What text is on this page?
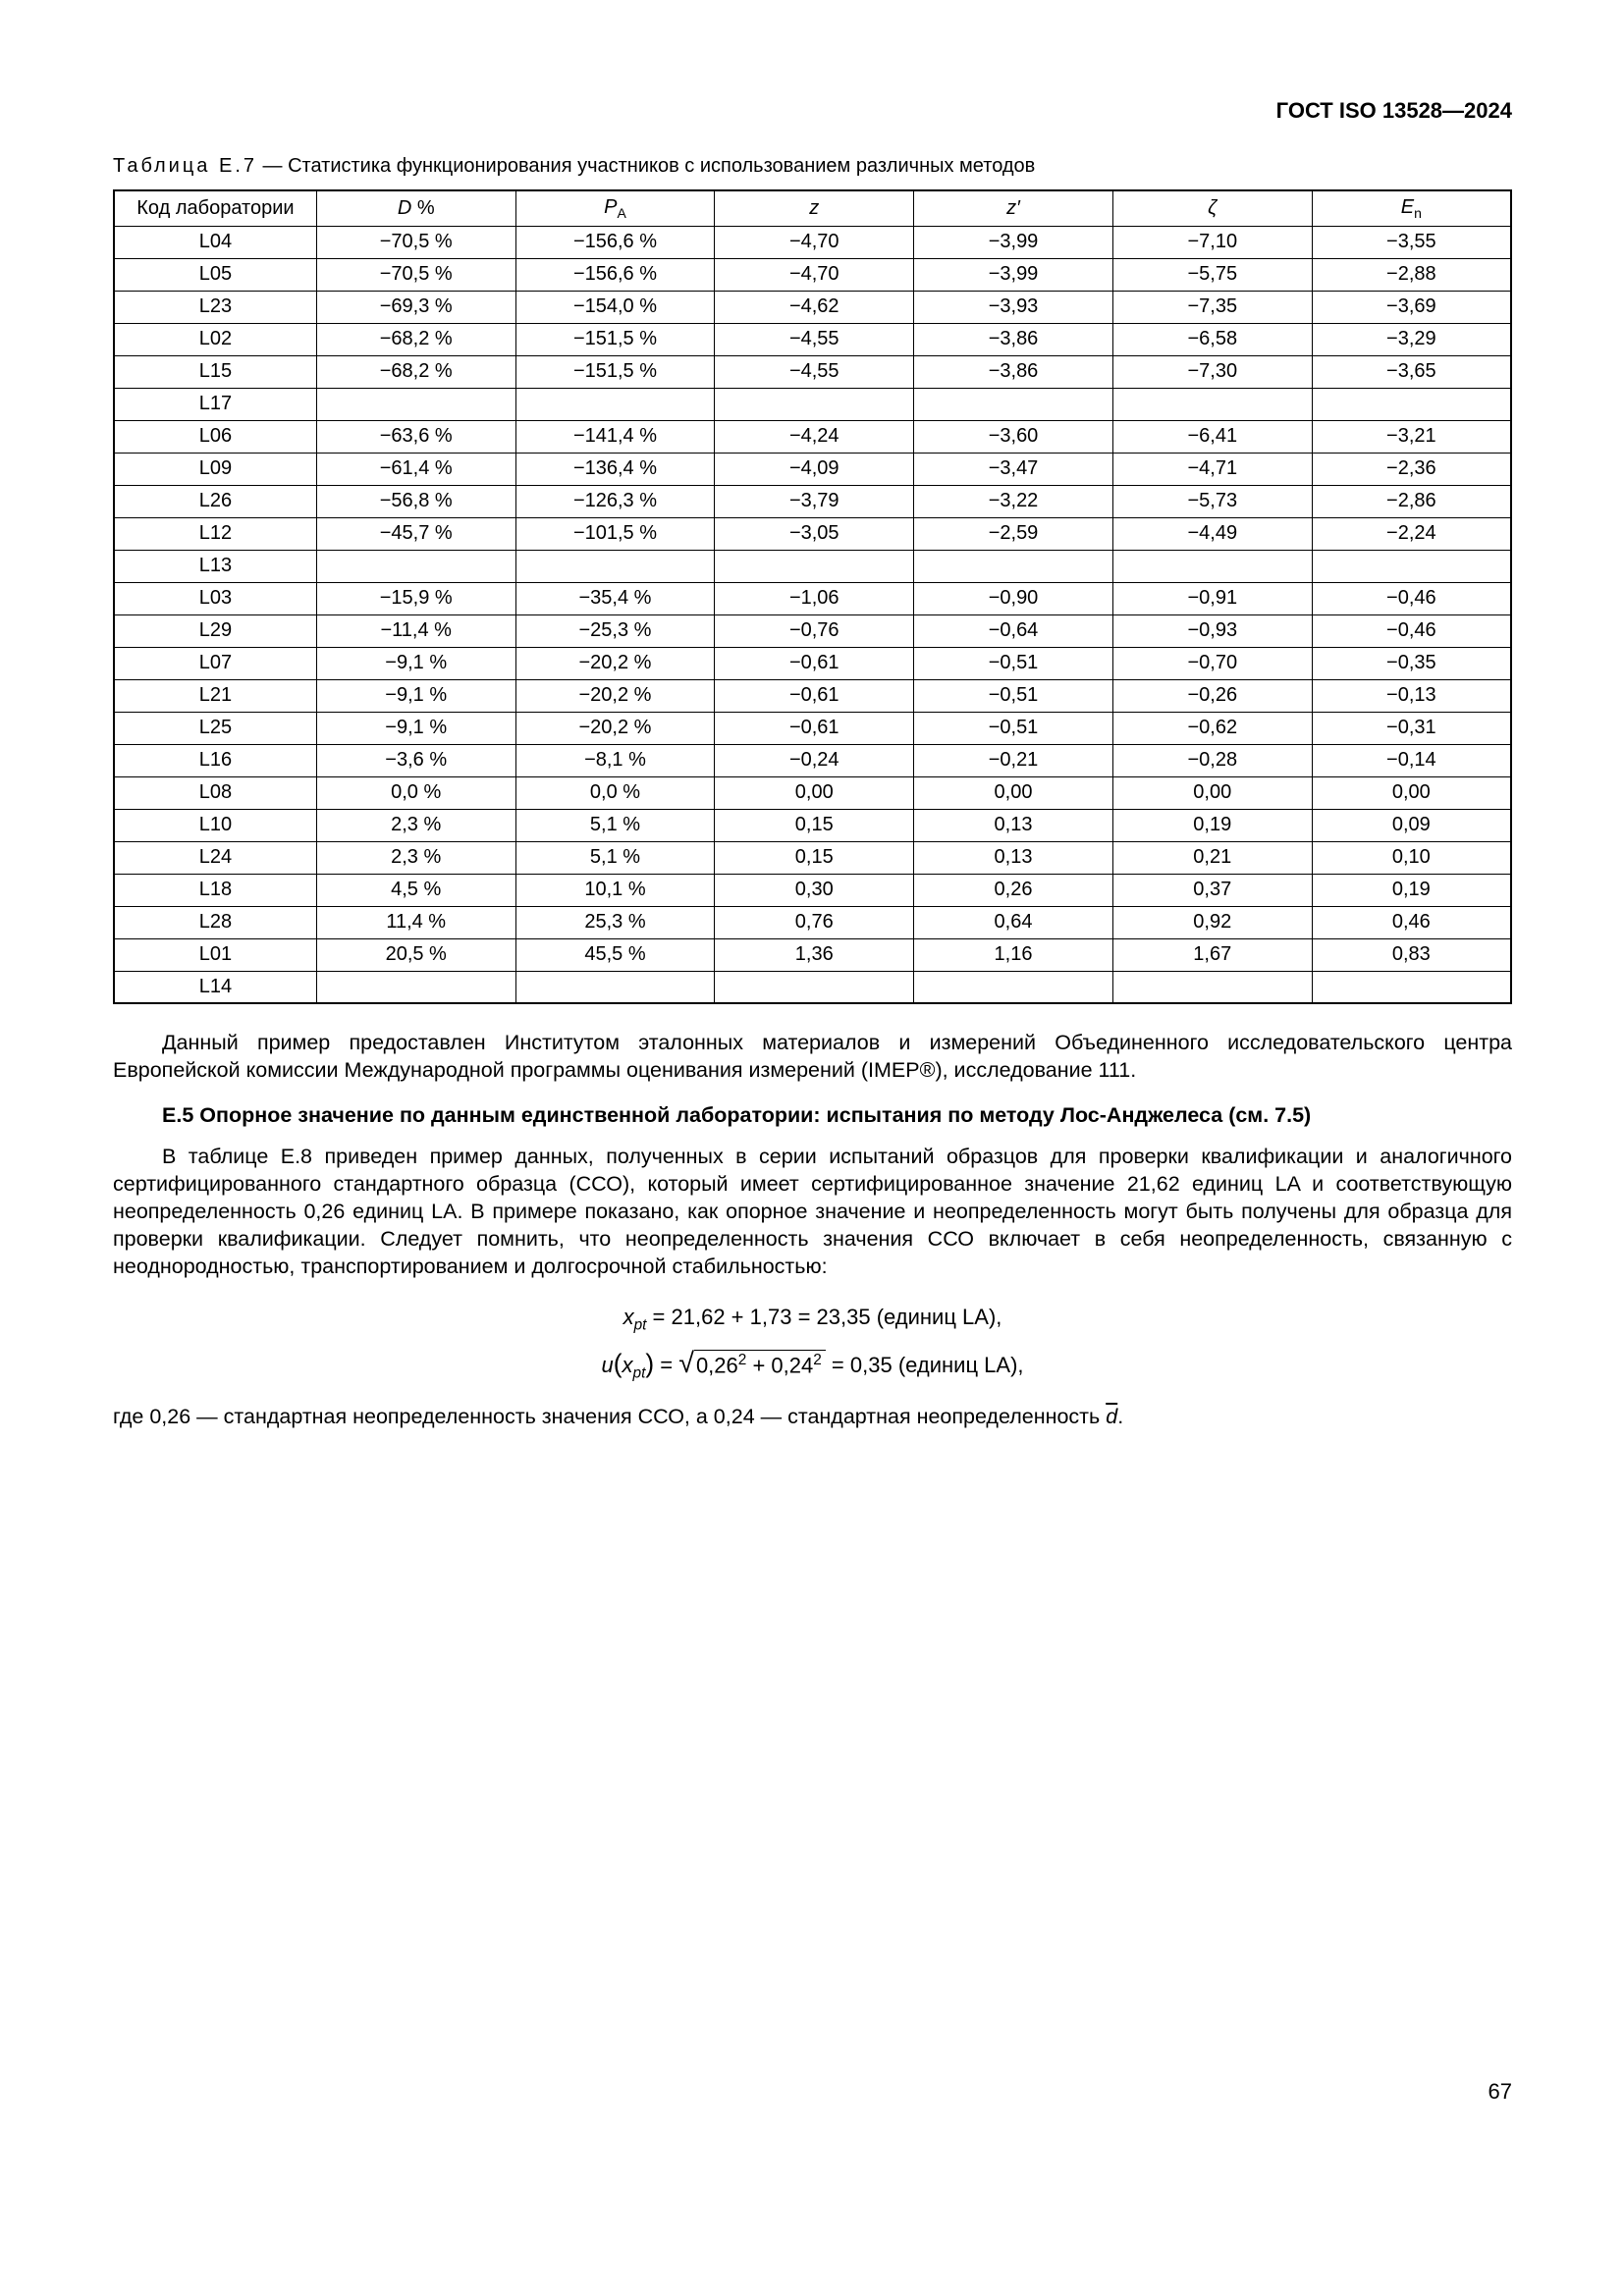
ГОСТ ISO 13528—2024
Таблица Е.7 — Статистика функционирования участников с использованием различных методов
Код лаборатории	D %	$P_A$	z	z′	ζ	$E_n$
L04	−70,5 %	−156,6 %	−4,70	−3,99	−7,10	−3,55
L05	−70,5 %	−156,6 %	−4,70	−3,99	−5,75	−2,88
L23	−69,3 %	−154,0 %	−4,62	−3,93	−7,35	−3,69
L02	−68,2 %	−151,5 %	−4,55	−3,86	−6,58	−3,29
L15	−68,2 %	−151,5 %	−4,55	−3,86	−7,30	−3,65
L17						
L06	−63,6 %	−141,4 %	−4,24	−3,60	−6,41	−3,21
L09	−61,4 %	−136,4 %	−4,09	−3,47	−4,71	−2,36
L26	−56,8 %	−126,3 %	−3,79	−3,22	−5,73	−2,86
L12	−45,7 %	−101,5 %	−3,05	−2,59	−4,49	−2,24
L13						
L03	−15,9 %	−35,4 %	−1,06	−0,90	−0,91	−0,46
L29	−11,4 %	−25,3 %	−0,76	−0,64	−0,93	−0,46
L07	−9,1 %	−20,2 %	−0,61	−0,51	−0,70	−0,35
L21	−9,1 %	−20,2 %	−0,61	−0,51	−0,26	−0,13
L25	−9,1 %	−20,2 %	−0,61	−0,51	−0,62	−0,31
L16	−3,6 %	−8,1 %	−0,24	−0,21	−0,28	−0,14
L08	0,0 %	0,0 %	0,00	0,00	0,00	0,00
L10	2,3 %	5,1 %	0,15	0,13	0,19	0,09
L24	2,3 %	5,1 %	0,15	0,13	0,21	0,10
L18	4,5 %	10,1 %	0,30	0,26	0,37	0,19
L28	11,4 %	25,3 %	0,76	0,64	0,92	0,46
L01	20,5 %	45,5 %	1,36	1,16	1,67	0,83
L14						

Данный пример предоставлен Институтом эталонных материалов и измерений Объединенного исследовательского центра Европейской комиссии Международной программы оценивания измерений (IMEP®), исследование 111.

Е.5 Опорное значение по данным единственной лаборатории: испытания по методу Лос-Анджелеса (см. 7.5)

В таблице Е.8 приведен пример данных, полученных в серии испытаний образцов для проверки квалификации и аналогичного сертифицированного стандартного образца (ССО), который имеет сертифицированное значение 21,62 единиц LA и соответствующую неопределенность 0,26 единиц LA. В примере показано, как опорное значение и неопределенность могут быть получены для образца для проверки квалификации. Следует помнить, что неопределенность значения ССО включает в себя неопределенность, связанную с неоднородностью, транспортированием и долгосрочной стабильностью:

$x_{pt} = 21,62 + 1,73 = 23,35$ (единиц LA),
$u(x_{pt}) = √0,26^2 + 0,24^2 = 0,35$ (единиц LA),
где 0,26 — стандартная неопределенность значения ССО, а 0,24 — стандартная неопределенность $\overline{d}$.
67
